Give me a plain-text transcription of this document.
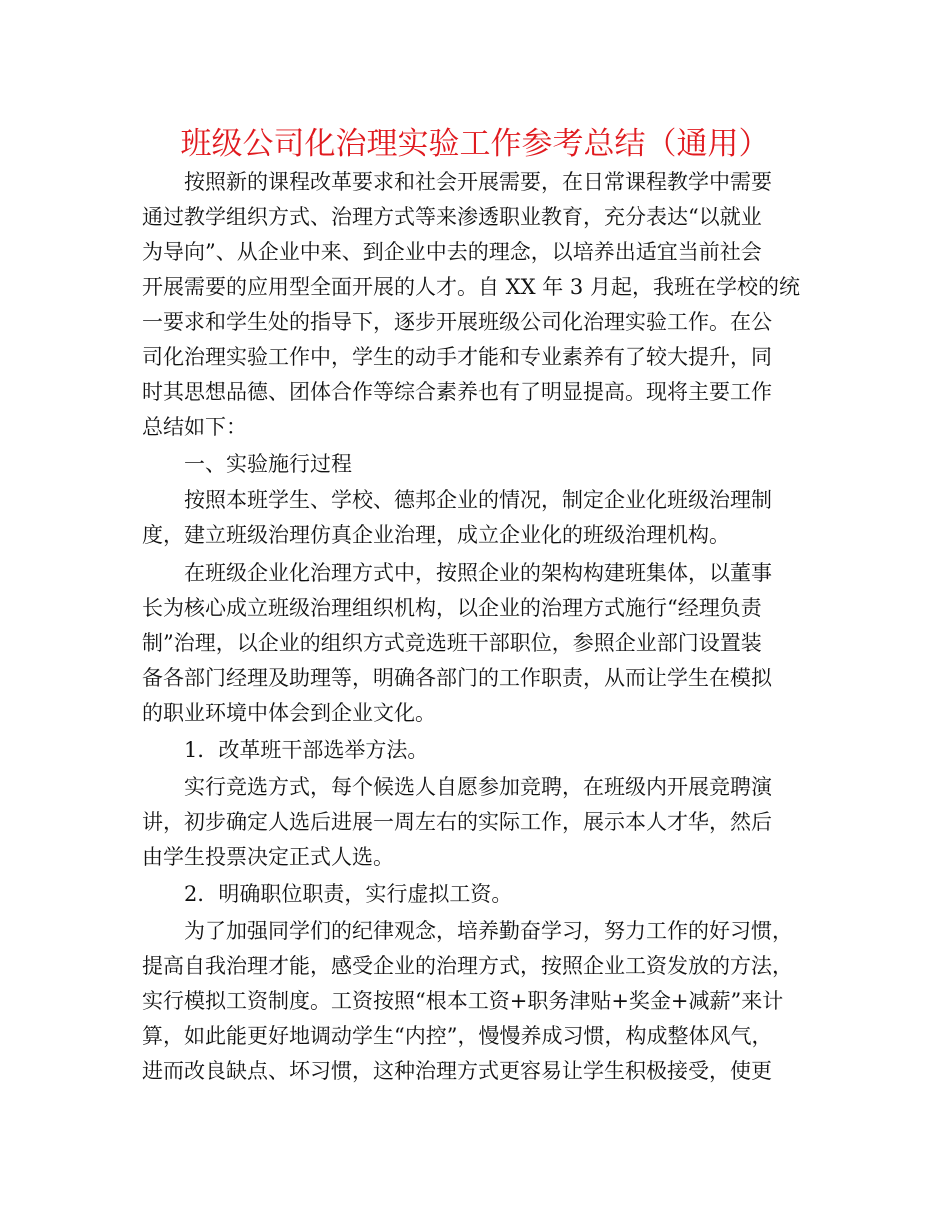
班级公司化治理实验工作参考总结（通用）
按照新的课程改革要求和社会开展需要，在日常课程教学中需要
通过教学组织方式、治理方式等来渗透职业教育，充分表达“以就业
为导向”、从企业中来、到企业中去的理念，以培养出适宜当前社会
开展需要的应用型全面开展的人才。自 XX 年 3 月起，我班在学校的统
一要求和学生处的指导下，逐步开展班级公司化治理实验工作。在公
司化治理实验工作中，学生的动手才能和专业素养有了较大提升，同
时其思想品德、团体合作等综合素养也有了明显提高。现将主要工作
总结如下：
一、实验施行过程
按照本班学生、学校、德邦企业的情况，制定企业化班级治理制
度，建立班级治理仿真企业治理，成立企业化的班级治理机构。
在班级企业化治理方式中，按照企业的架构构建班集体，以董事
长为核心成立班级治理组织机构，以企业的治理方式施行“经理负责
制”治理，以企业的组织方式竞选班干部职位，参照企业部门设置装
备各部门经理及助理等，明确各部门的工作职责，从而让学生在模拟
的职业环境中体会到企业文化。
1．改革班干部选举方法。
实行竞选方式，每个候选人自愿参加竞聘，在班级内开展竞聘演
讲，初步确定人选后进展一周左右的实际工作，展示本人才华，然后
由学生投票决定正式人选。
2．明确职位职责，实行虚拟工资。
为了加强同学们的纪律观念，培养勤奋学习，努力工作的好习惯，
提高自我治理才能，感受企业的治理方式，按照企业工资发放的方法，
实行模拟工资制度。工资按照“根本工资+职务津贴+奖金+减薪”来计
算，如此能更好地调动学生“内控”，慢慢养成习惯，构成整体风气，
进而改良缺点、坏习惯，这种治理方式更容易让学生积极接受，使更
